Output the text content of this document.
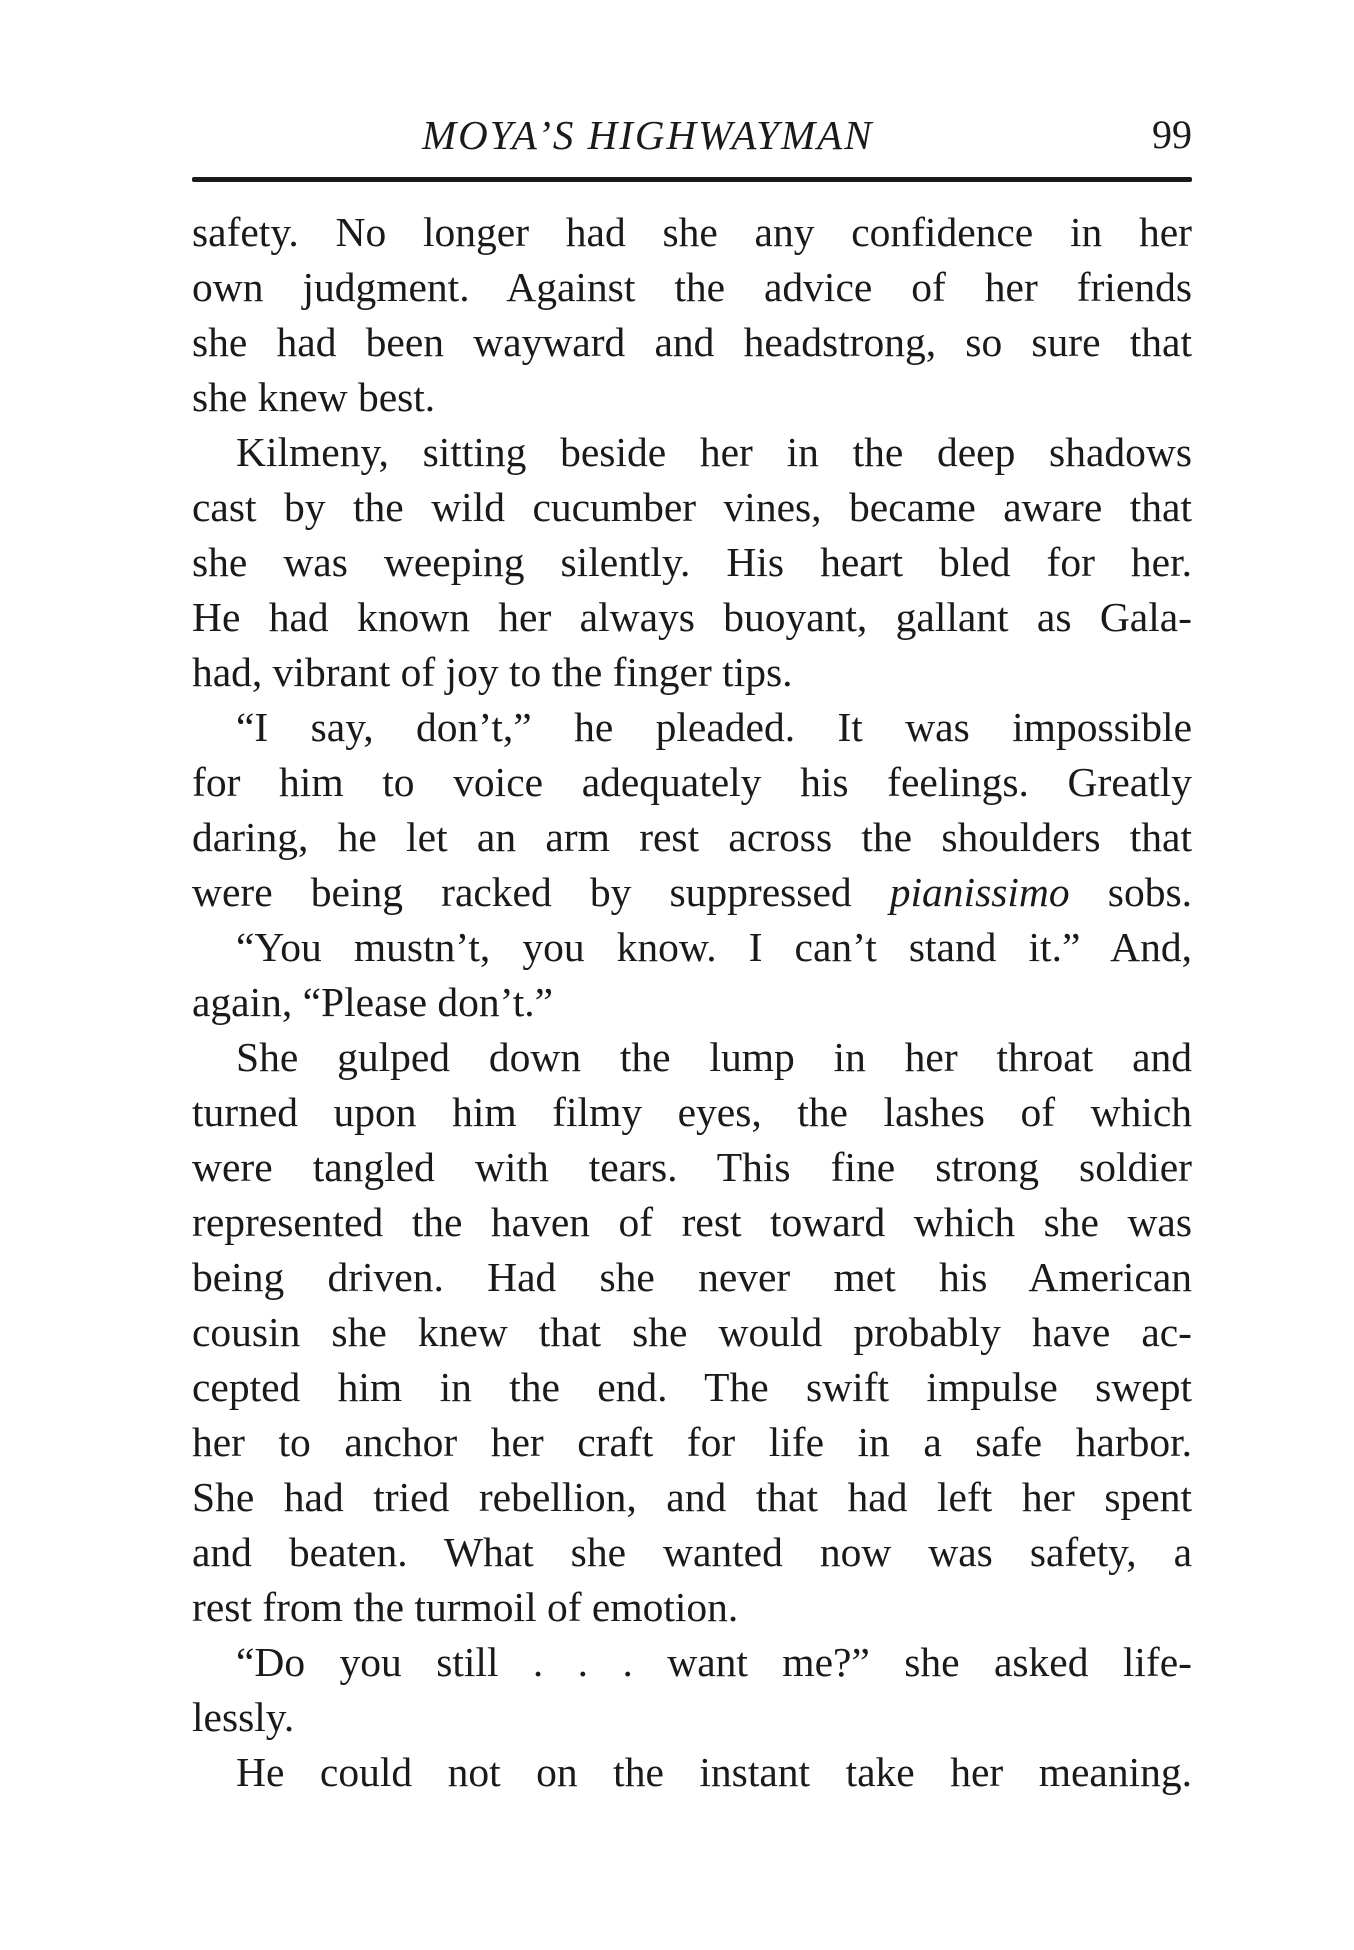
MOYA’S HIGHWAYMAN	99
safety. No longer had she any confidence in her
own judgment. Against the advice of her friends
she had been wayward and headstrong, so sure that
she knew best.
Kilmeny, sitting beside her in the deep shadows
cast by the wild cucumber vines, became aware that
she was weeping silently. His heart bled for her.
He had known her always buoyant, gallant as Gala-
had, vibrant of joy to the finger tips.
“I say, don’t,” he pleaded. It was impossible
for him to voice adequately his feelings. Greatly
daring, he let an arm rest across the shoulders that
were being racked by suppressed pianissimo sobs.
“You mustn’t, you know. I can’t stand it.” And,
again, “Please don’t.”
She gulped down the lump in her throat and
turned upon him filmy eyes, the lashes of which
were tangled with tears. This fine strong soldier
represented the haven of rest toward which she was
being driven. Had she never met his American
cousin she knew that she would probably have ac-
cepted him in the end. The swift impulse swept
her to anchor her craft for life in a safe harbor.
She had tried rebellion, and that had left her spent
and beaten. What she wanted now was safety, a
rest from the turmoil of emotion.
“Do you still . . . want me?” she asked life-
lessly.
He could not on the instant take her meaning.
